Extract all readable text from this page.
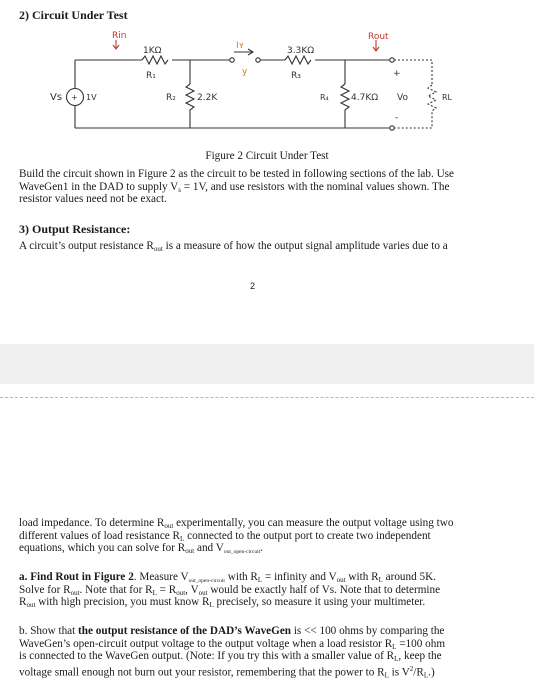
2) Circuit Under Test
Rin	Rout
1KΩ
R₁
Iʏ
y
3.3KΩ
R₃
Vs + 1V	R₂ 2.2K	R₄ 4.7KΩ
+
Vo
-
RL
Figure 2 Circuit Under Test
Build the circuit shown in Figure 2 as the circuit to be tested in following sections of the lab. Use
WaveGen1 in the DAD to supply $V_s = 1V$, and use resistors with the nominal values shown. The
resistor values need not be exact.
3) Output Resistance:
A circuit’s output resistance $R_{out}$ is a measure of how the output signal amplitude varies due to a
2
load impedance. To determine $R_{out}$ experimentally, you can measure the output voltage using two
different values of load resistance $R_L$ connected to the output port to create two independent
equations, which you can solve for $R_{out}$ and $V_{out\_open-circuit}$.
a. Find Rout in Figure 2. Measure $V_{out\_open-circuit}$ with $R_L$ = infinity and $V_{out}$ with $R_L$ around 5K.
Solve for $R_{out}$. Note that for $R_L = R_{out}$, $V_{out}$ would be exactly half of Vs. Note that to determine
$R_{out}$ with high precision, you must know $R_L$ precisely, so measure it using your multimeter.
b. Show that the output resistance of the DAD’s WaveGen is << 100 ohms by comparing the
WaveGen’s open-circuit output voltage to the output voltage when a load resistor $R_L =100$ ohm
is connected to the WaveGen output. (Note: If you try this with a smaller value of $R_L$, keep the
voltage small enough not burn out your resistor, remembering that the power to $R_L$ is $V^2/R_L$.)
